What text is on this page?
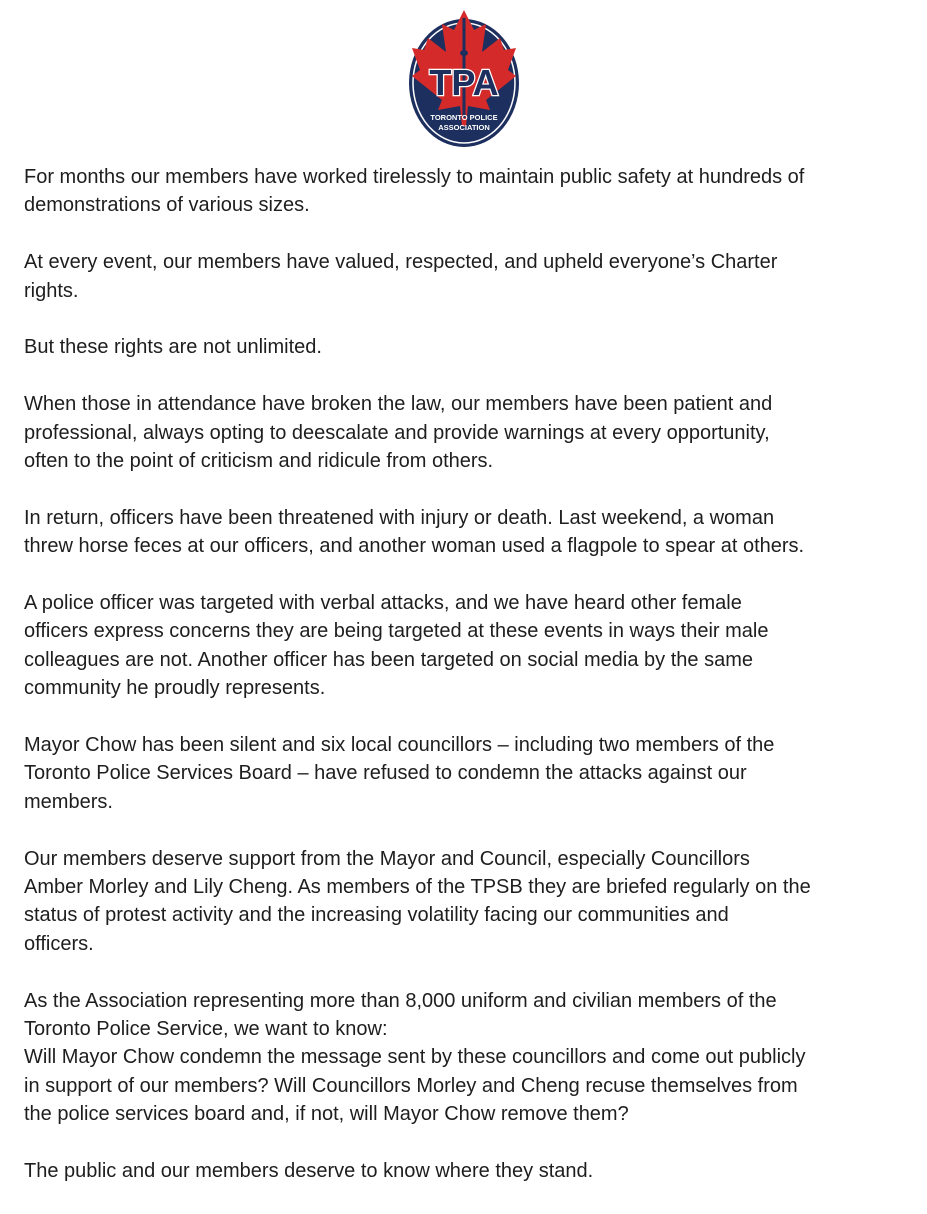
TPA
TORONTO POLICE
ASSOCIATION

For months our members have worked tirelessly to maintain public safety at hundreds of
demonstrations of various sizes.

At every event, our members have valued, respected, and upheld everyone’s Charter
rights.

But these rights are not unlimited.

When those in attendance have broken the law, our members have been patient and
professional, always opting to deescalate and provide warnings at every opportunity,
often to the point of criticism and ridicule from others.

In return, officers have been threatened with injury or death. Last weekend, a woman
threw horse feces at our officers, and another woman used a flagpole to spear at others.

A police officer was targeted with verbal attacks, and we have heard other female
officers express concerns they are being targeted at these events in ways their male
colleagues are not. Another officer has been targeted on social media by the same
community he proudly represents.

Mayor Chow has been silent and six local councillors – including two members of the
Toronto Police Services Board – have refused to condemn the attacks against our
members.

Our members deserve support from the Mayor and Council, especially Councillors
Amber Morley and Lily Cheng. As members of the TPSB they are briefed regularly on the
status of protest activity and the increasing volatility facing our communities and
officers.

As the Association representing more than 8,000 uniform and civilian members of the
Toronto Police Service, we want to know:
Will Mayor Chow condemn the message sent by these councillors and come out publicly
in support of our members? Will Councillors Morley and Cheng recuse themselves from
the police services board and, if not, will Mayor Chow remove them?

The public and our members deserve to know where they stand.
